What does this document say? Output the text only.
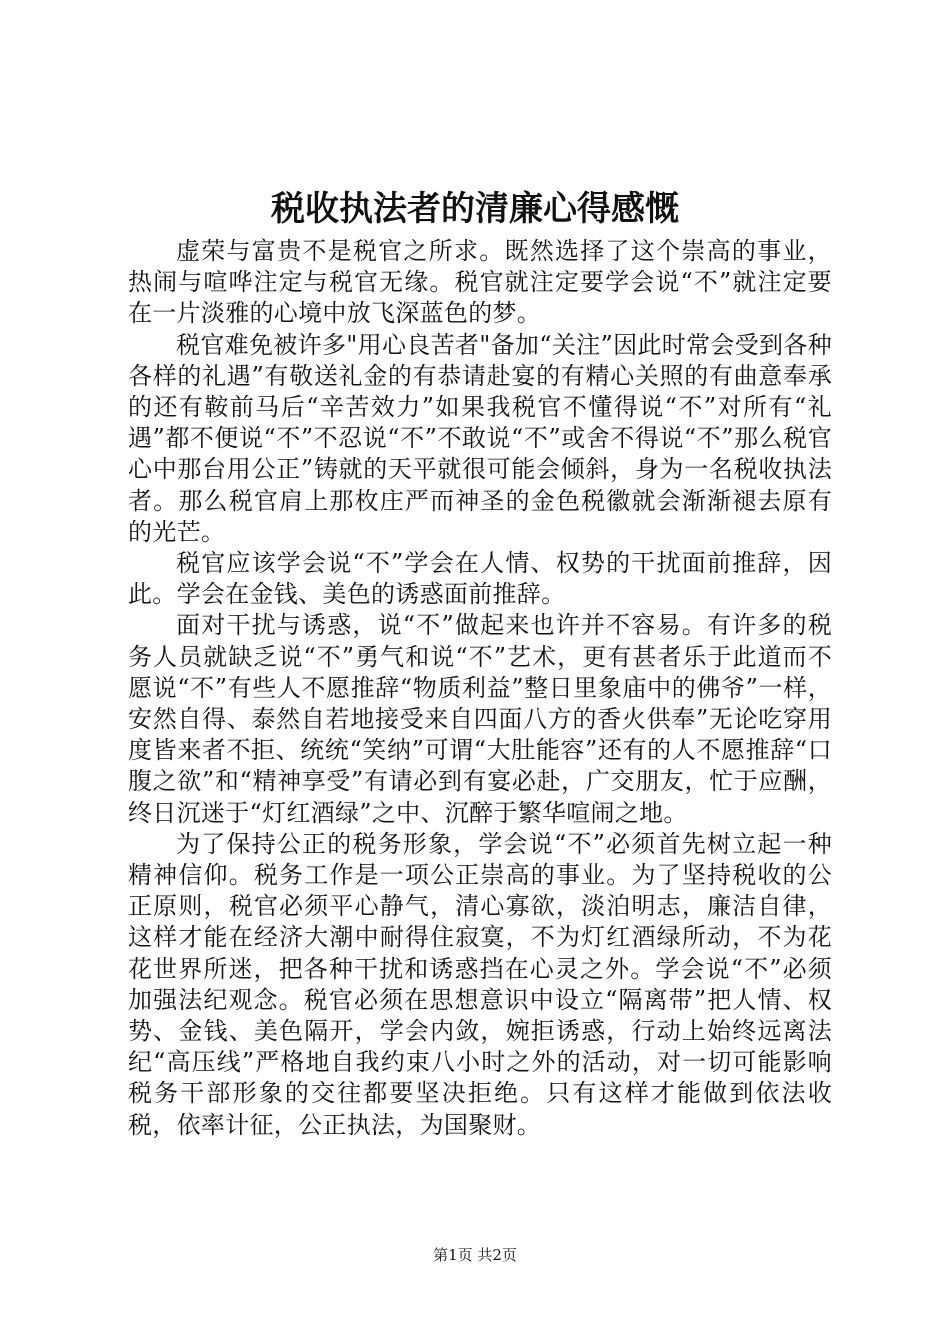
税收执法者的清廉心得感慨

虚荣与富贵不是税官之所求。既然选择了这个崇高的事业，热闹与喧哗注定与税官无缘。税官就注定要学会说“不”就注定要在一片淡雅的心境中放飞深蓝色的梦。

税官难免被许多"用心良苦者"备加“关注”因此时常会受到各种各样的礼遇”有敬送礼金的有恭请赴宴的有精心关照的有曲意奉承的还有鞍前马后“辛苦效力”如果我税官不懂得说“不”对所有“礼遇”都不便说“不”不忍说“不”不敢说“不”或舍不得说“不”那么税官心中那台用公正”铸就的天平就很可能会倾斜，身为一名税收执法者。那么税官肩上那枚庄严而神圣的金色税徽就会渐渐褪去原有的光芒。

税官应该学会说“不”学会在人情、权势的干扰面前推辞，因此。学会在金钱、美色的诱惑面前推辞。

面对干扰与诱惑，说“不”做起来也许并不容易。有许多的税务人员就缺乏说“不”勇气和说“不”艺术，更有甚者乐于此道而不愿说“不”有些人不愿推辞“物质利益”整日里象庙中的佛爷”一样，安然自得、泰然自若地接受来自四面八方的香火供奉”无论吃穿用度皆来者不拒、统统“笑纳”可谓“大肚能容”还有的人不愿推辞“口腹之欲”和“精神享受”有请必到有宴必赴，广交朋友，忙于应酬，终日沉迷于“灯红酒绿”之中、沉醉于繁华喧闹之地。

为了保持公正的税务形象，学会说“不”必须首先树立起一种精神信仰。税务工作是一项公正崇高的事业。为了坚持税收的公正原则，税官必须平心静气，清心寡欲，淡泊明志，廉洁自律，这样才能在经济大潮中耐得住寂寞，不为灯红酒绿所动，不为花花世界所迷，把各种干扰和诱惑挡在心灵之外。学会说“不”必须加强法纪观念。税官必须在思想意识中设立“隔离带”把人情、权势、金钱、美色隔开，学会内敛，婉拒诱惑，行动上始终远离法纪“高压线”严格地自我约束八小时之外的活动，对一切可能影响税务干部形象的交往都要坚决拒绝。只有这样才能做到依法收税，依率计征，公正执法，为国聚财。

第1页 共2页
